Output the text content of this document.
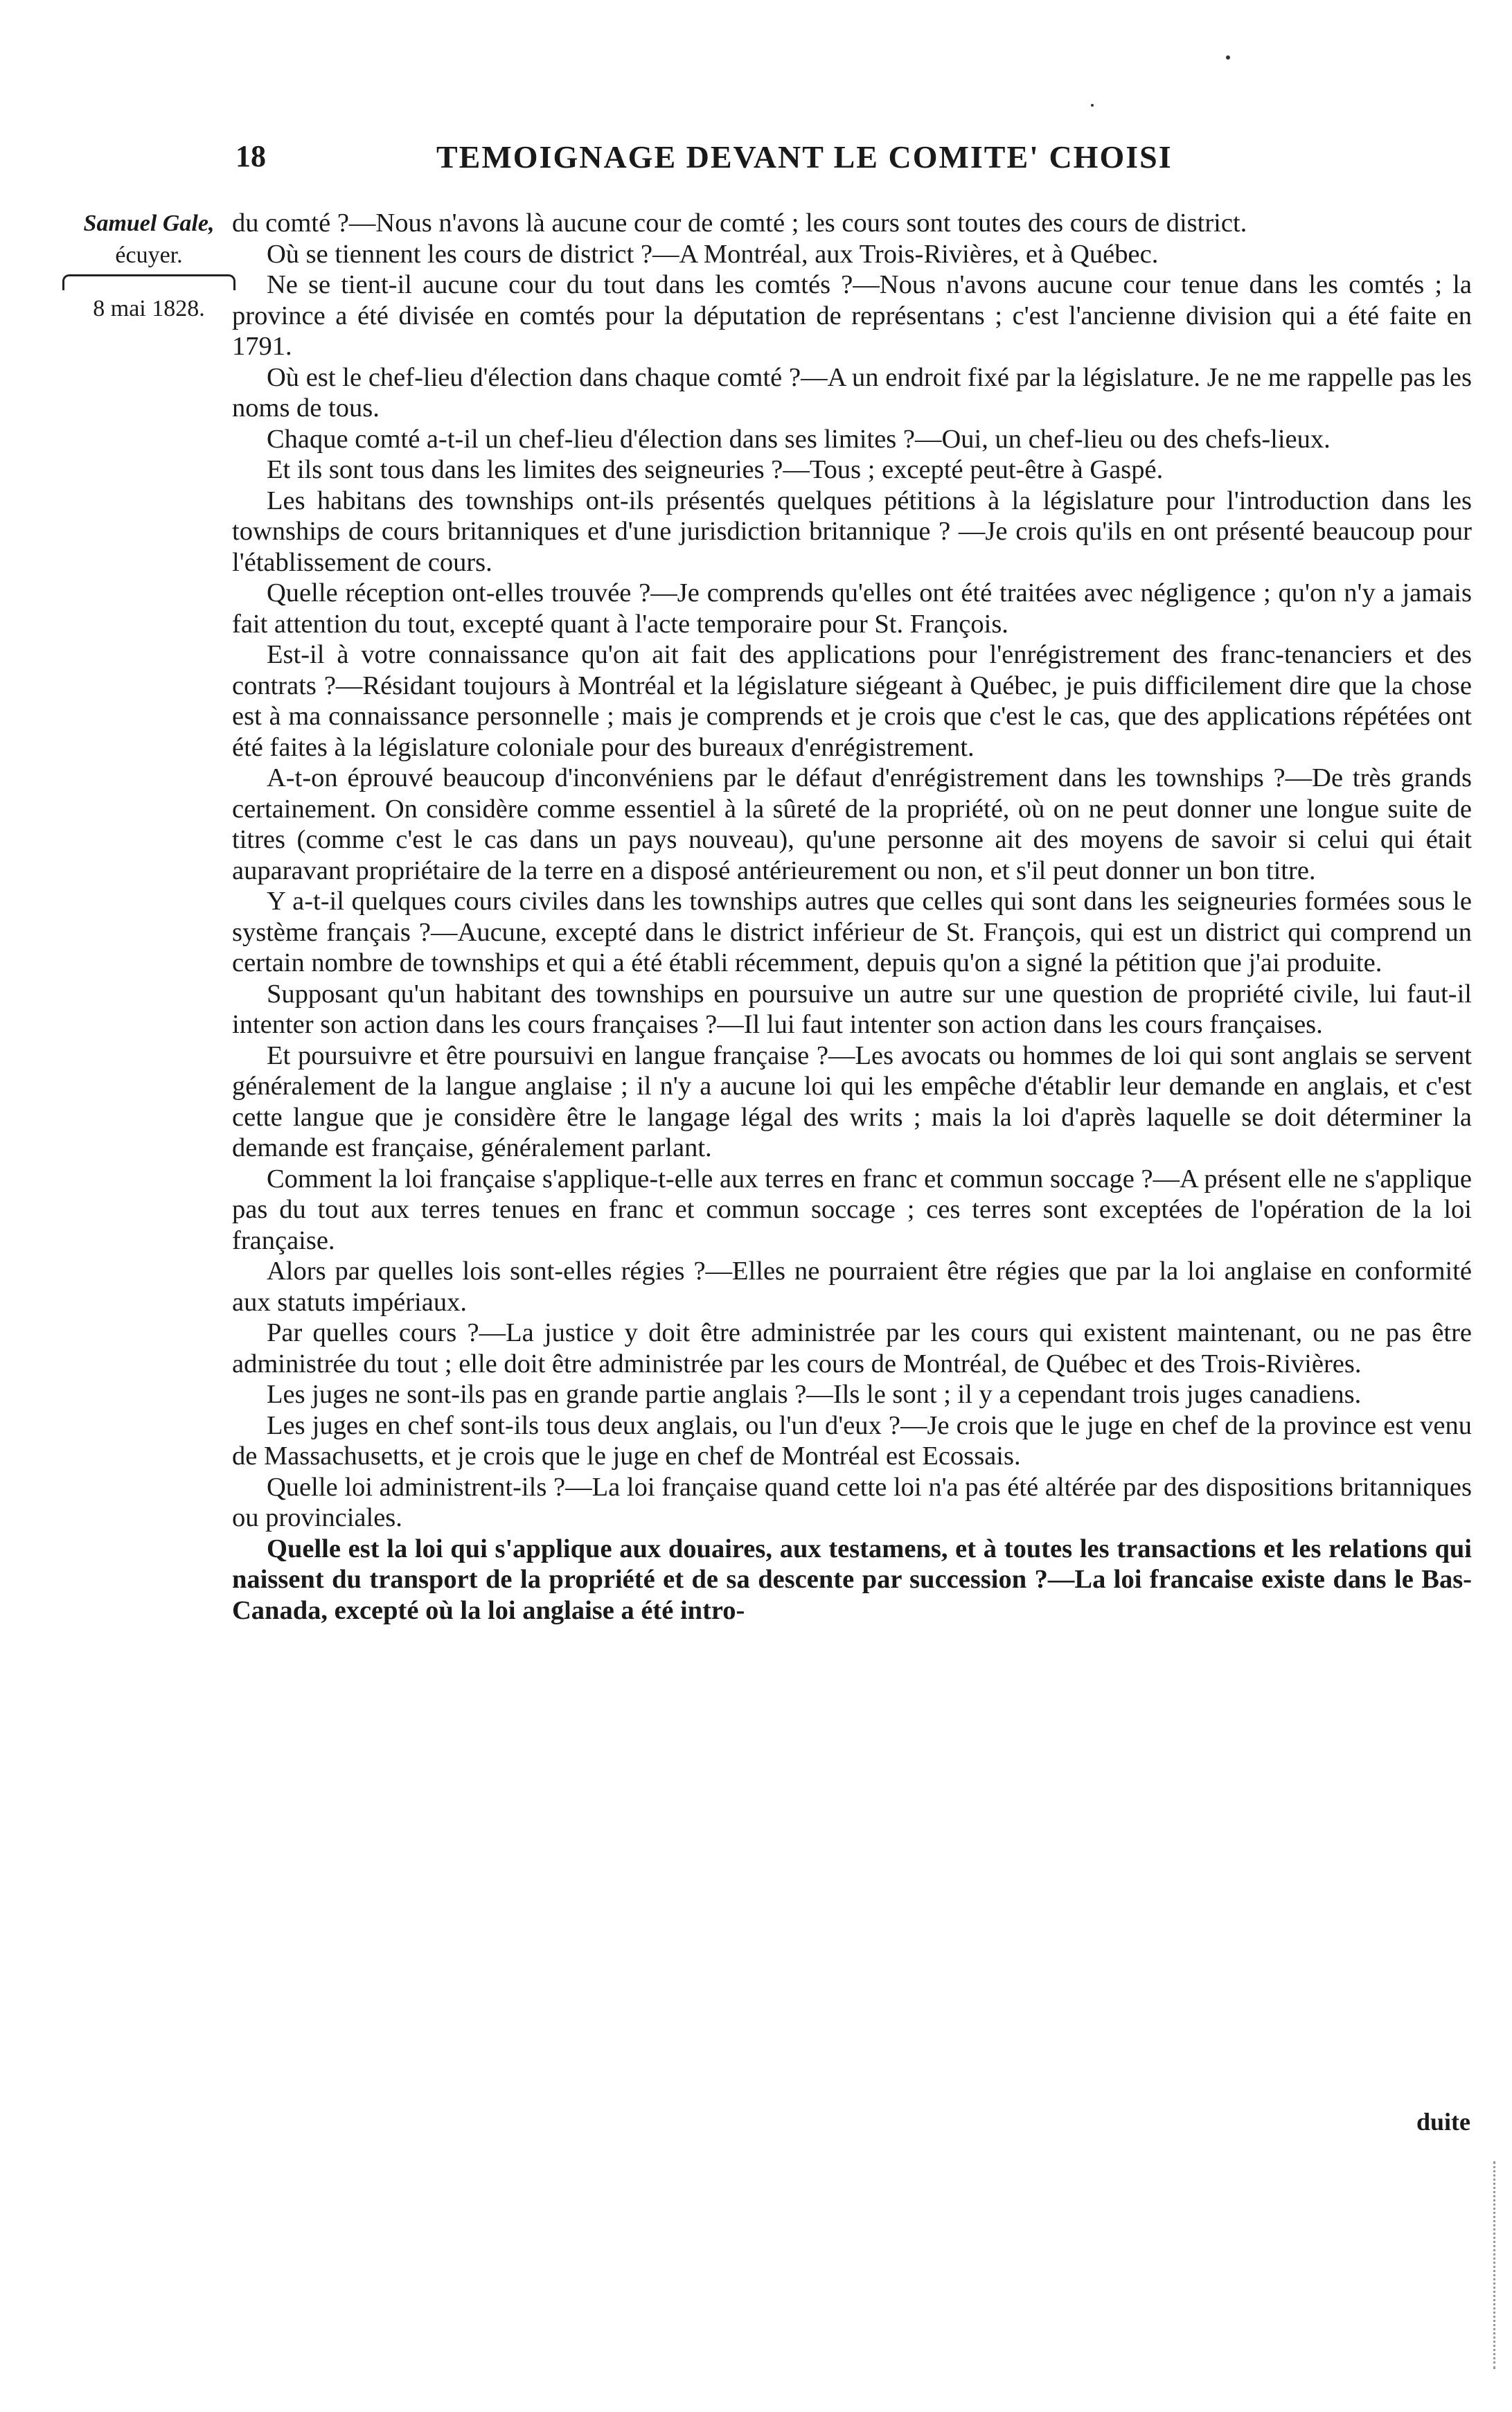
18	TEMOIGNAGE DEVANT LE COMITE' CHOISI
Samuel Gale,
écuyer.
8 mai 1828.

du comté ?—Nous n'avons là aucune cour de comté ; les cours sont toutes des cours de district.

Où se tiennent les cours de district ?—A Montréal, aux Trois-Rivières, et à Québec.

Ne se tient-il aucune cour du tout dans les comtés ?—Nous n'avons aucune cour tenue dans les comtés ; la province a été divisée en comtés pour la députation de représentans ; c'est l'ancienne division qui a été faite en 1791.

Où est le chef-lieu d'élection dans chaque comté ?—A un endroit fixé par la législature. Je ne me rappelle pas les noms de tous.

Chaque comté a-t-il un chef-lieu d'élection dans ses limites ?—Oui, un chef-lieu ou des chefs-lieux.

Et ils sont tous dans les limites des seigneuries ?—Tous ; excepté peut-être à Gaspé.

Les habitans des townships ont-ils présentés quelques pétitions à la législature pour l'introduction dans les townships de cours britanniques et d'une jurisdiction britannique ? —Je crois qu'ils en ont présenté beaucoup pour l'établissement de cours.

Quelle réception ont-elles trouvée ?—Je comprends qu'elles ont été traitées avec négligence ; qu'on n'y a jamais fait attention du tout, excepté quant à l'acte temporaire pour St. François.

Est-il à votre connaissance qu'on ait fait des applications pour l'enrégistrement des franc-tenanciers et des contrats ?—Résidant toujours à Montréal et la législature siégeant à Québec, je puis difficilement dire que la chose est à ma connaissance personnelle ; mais je comprends et je crois que c'est le cas, que des applications répétées ont été faites à la législature coloniale pour des bureaux d'enrégistrement.

A-t-on éprouvé beaucoup d'inconvéniens par le défaut d'enrégistrement dans les townships ?—De très grands certainement. On considère comme essentiel à la sûreté de la propriété, où on ne peut donner une longue suite de titres (comme c'est le cas dans un pays nouveau), qu'une personne ait des moyens de savoir si celui qui était auparavant propriétaire de la terre en a disposé antérieurement ou non, et s'il peut donner un bon titre.

Y a-t-il quelques cours civiles dans les townships autres que celles qui sont dans les seigneuries formées sous le système français ?—Aucune, excepté dans le district inférieur de St. François, qui est un district qui comprend un certain nombre de townships et qui a été établi récemment, depuis qu'on a signé la pétition que j'ai produite.

Supposant qu'un habitant des townships en poursuive un autre sur une question de propriété civile, lui faut-il intenter son action dans les cours françaises ?—Il lui faut intenter son action dans les cours françaises.

Et poursuivre et être poursuivi en langue française ?—Les avocats ou hommes de loi qui sont anglais se servent généralement de la langue anglaise ; il n'y a aucune loi qui les empêche d'établir leur demande en anglais, et c'est cette langue que je considère être le langage légal des writs ; mais la loi d'après laquelle se doit déterminer la demande est française, généralement parlant.

Comment la loi française s'applique-t-elle aux terres en franc et commun soccage ?—A présent elle ne s'applique pas du tout aux terres tenues en franc et commun soccage ; ces terres sont exceptées de l'opération de la loi française.

Alors par quelles lois sont-elles régies ?—Elles ne pourraient être régies que par la loi anglaise en conformité aux statuts impériaux.

Par quelles cours ?—La justice y doit être administrée par les cours qui existent maintenant, ou ne pas être administrée du tout ; elle doit être administrée par les cours de Montréal, de Québec et des Trois-Rivières.

Les juges ne sont-ils pas en grande partie anglais ?—Ils le sont ; il y a cependant trois juges canadiens.

Les juges en chef sont-ils tous deux anglais, ou l'un d'eux ?—Je crois que le juge en chef de la province est venu de Massachusetts, et je crois que le juge en chef de Montréal est Ecossais.

Quelle loi administrent-ils ?—La loi française quand cette loi n'a pas été altérée par des dispositions britanniques ou provinciales.

Quelle est la loi qui s'applique aux douaires, aux testamens, et à toutes les transactions et les relations qui naissent du transport de la propriété et de sa descente par succession ?—La loi francaise existe dans le Bas-Canada, excepté où la loi anglaise a été intro-

duite
